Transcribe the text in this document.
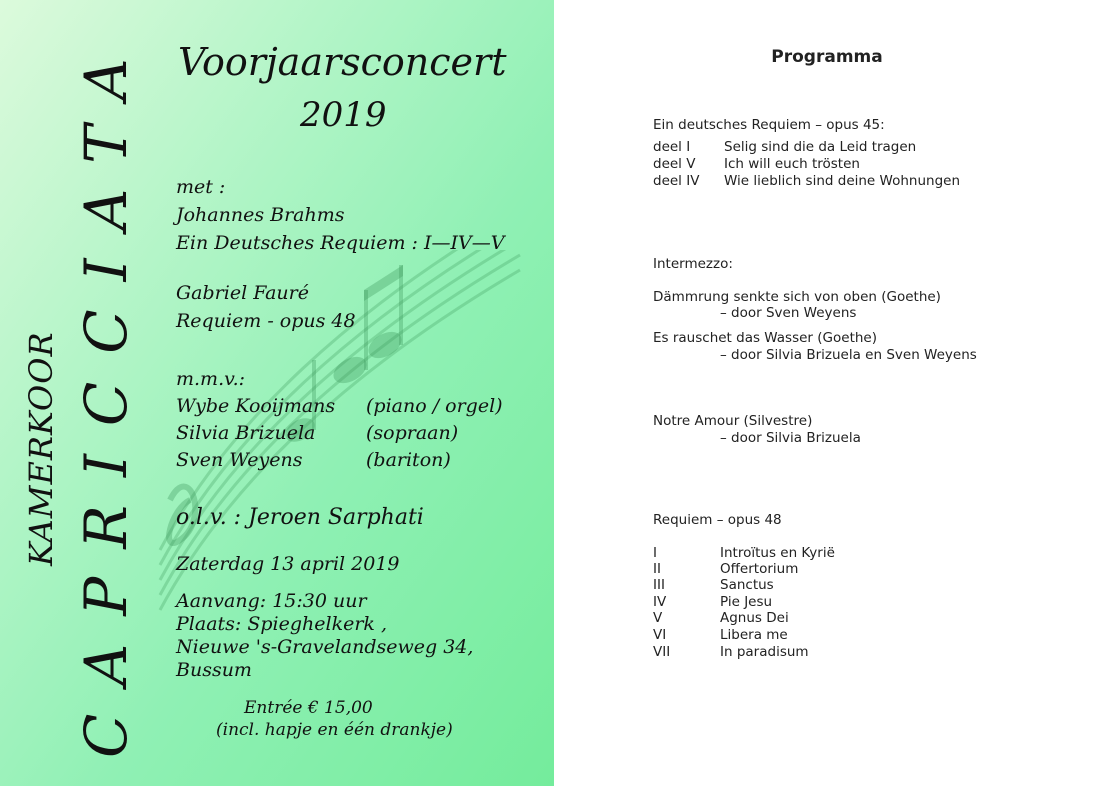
KAMERKOOR CAPRICCIATA Voorjaarsconcert
2019
met :
Johannes Brahms
Ein Deutsches Requiem : I—IV—V
Gabriel Fauré
Requiem - opus 48
m.m.v.:
Wybe Kooijmans (piano / orgel)
Silvia Brizuela	(sopraan)
Sven Weyens	(bariton)
o.l.v. : Jeroen Sarphati
Zaterdag 13 april 2019
Aanvang: 15:30 uur
Plaats: Spieghelkerk ,
Nieuwe 's-Gravelandseweg 34,
Bussum
Entrée € 15,00
(incl. hapje en één drankje)
Programma
Ein deutsches Requiem – opus 45:
deel I	Selig sind die da Leid tragen
deel V Ich will euch trösten
deel IV Wie lieblich sind deine Wohnungen
Intermezzo:
Dämmrung senkte sich von oben (Goethe)
– door Sven Weyens
Es rauschet das Wasser (Goethe)
– door Silvia Brizuela en Sven Weyens
Notre Amour (Silvestre)
– door Silvia Brizuela
Requiem – opus 48
I	Introïtus en Kyrië
II	Offertorium
III	Sanctus
IV	Pie Jesu
V	Agnus Dei
VI	Libera me
VII	In paradisum
